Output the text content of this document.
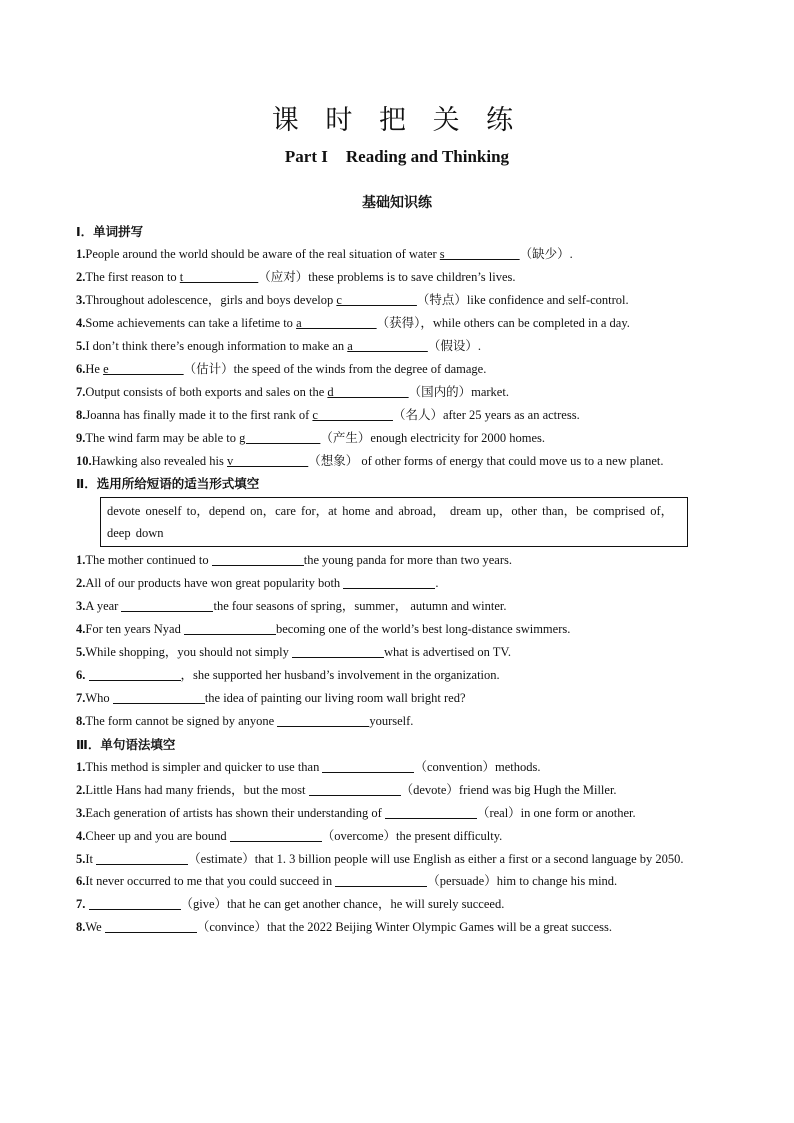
课 时 把 关 练
Part I Reading and Thinking
基础知识练
Ⅰ．单词拼写
1.People around the world should be aware of the real situation of water s                        （缺少）.
2.The first reason to t                        （应对）these problems is to save children’s lives.
3.Throughout adolescence，girls and boys develop c                        （特点）like confidence and self-control.
4.Some achievements can take a lifetime to a                        （获得），while others can be completed in a day.
5.I don’t think there’s enough information to make an a                        （假设）.
6.He e                        （估计）the speed of the winds from the degree of damage.
7.Output consists of both exports and sales on the d                        （国内的）market.
8.Joanna has finally made it to the first rank of c                        （名人）after 25 years as an actress.
9.The wind farm may be able to g                        （产生）enough electricity for 2000 homes.
10.Hawking also revealed his v                        （想象） of other forms of energy that could move us to a new planet.
Ⅱ．选用所给短语的适当形式填空
devote oneself to，depend on，care for，at home and abroad， dream up，other than，be comprised of，deep down
1.The mother continued to	the young panda for more than two years.
2.All of our products have won great popularity both	.
3.A year	the four seasons of spring，summer， autumn and winter.
4.For ten years Nyad	becoming one of the world’s best long-distance swimmers.
5.While shopping，you should not simply	what is advertised on TV.
6.	，she supported her husband’s involvement in the organization.
7.Who	the idea of painting our living room wall bright red?
8.The form cannot be signed by anyone	yourself.
Ⅲ．单句语法填空
1.This method is simpler and quicker to use than	（convention）methods.
2.Little Hans had many friends，but the most	（devote）friend was big Hugh the Miller.
3.Each generation of artists has shown their understanding of	（real）in one form or another.
4.Cheer up and you are bound	（overcome）the present difficulty.
5.It	（estimate）that 1. 3 billion people will use English as either a first or a second language by 2050.
6.It never occurred to me that you could succeed in	（persuade）him to change his mind.
7.	（give）that he can get another chance，he will surely succeed.
8.We	（convince）that the 2022 Beijing Winter Olympic Games will be a great success.
